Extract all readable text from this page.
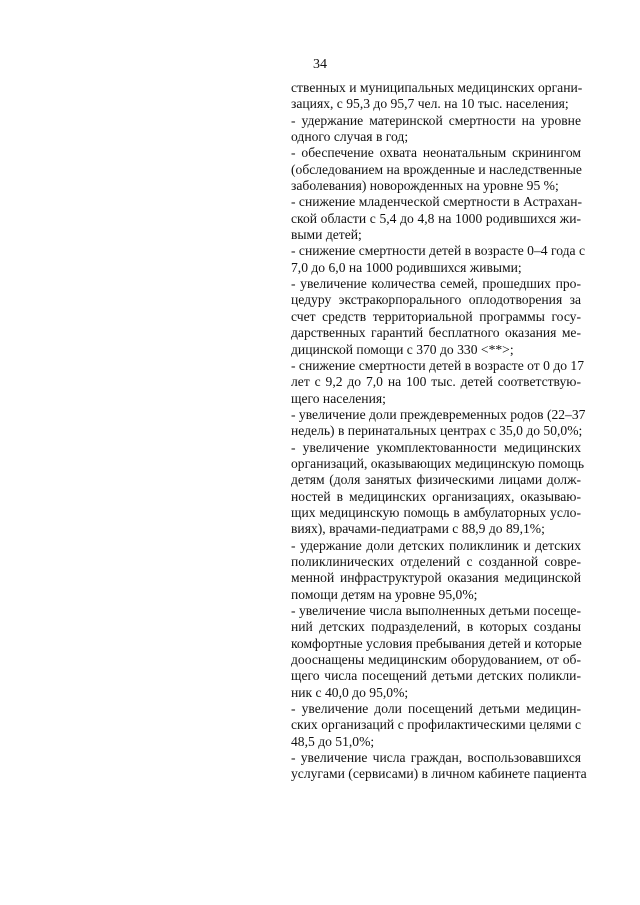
34
ственных и муниципальных медицинских органи-
зациях, с 95,3 до 95,7 чел. на 10 тыс. населения;
- удержание материнской смертности на уровне
одного случая в год;
- обеспечение охвата неонатальным скринингом
(обследованием на врожденные и наследственные
заболевания) новорожденных на уровне 95 %;
- снижение младенческой смертности в Астрахан-
ской области с 5,4 до 4,8 на 1000 родившихся жи-
выми детей;
- снижение смертности детей в возрасте 0–4 года с
7,0 до 6,0 на 1000 родившихся живыми;
- увеличение количества семей, прошедших про-
цедуру экстракорпорального оплодотворения за
счет средств территориальной программы госу-
дарственных гарантий бесплатного оказания ме-
дицинской помощи с 370 до 330 <**>;
- снижение смертности детей в возрасте от 0 до 17
лет с 9,2 до 7,0 на 100 тыс. детей соответствую-
щего населения;
- увеличение доли преждевременных родов (22–37
недель) в перинатальных центрах с 35,0 до 50,0%;
- увеличение укомплектованности медицинских
организаций, оказывающих медицинскую помощь
детям (доля занятых физическими лицами долж-
ностей в медицинских организациях, оказываю-
щих медицинскую помощь в амбулаторных усло-
виях), врачами-педиатрами с 88,9 до 89,1%;
- удержание доли детских поликлиник и детских
поликлинических отделений с созданной совре-
менной инфраструктурой оказания медицинской
помощи детям на уровне 95,0%;
- увеличение числа выполненных детьми посеще-
ний детских подразделений, в которых созданы
комфортные условия пребывания детей и которые
дооснащены медицинским оборудованием, от об-
щего числа посещений детьми детских поликли-
ник с 40,0 до 95,0%;
- увеличение доли посещений детьми медицин-
ских организаций с профилактическими целями с
48,5 до 51,0%;
- увеличение числа граждан, воспользовавшихся
услугами (сервисами) в личном кабинете пациента
